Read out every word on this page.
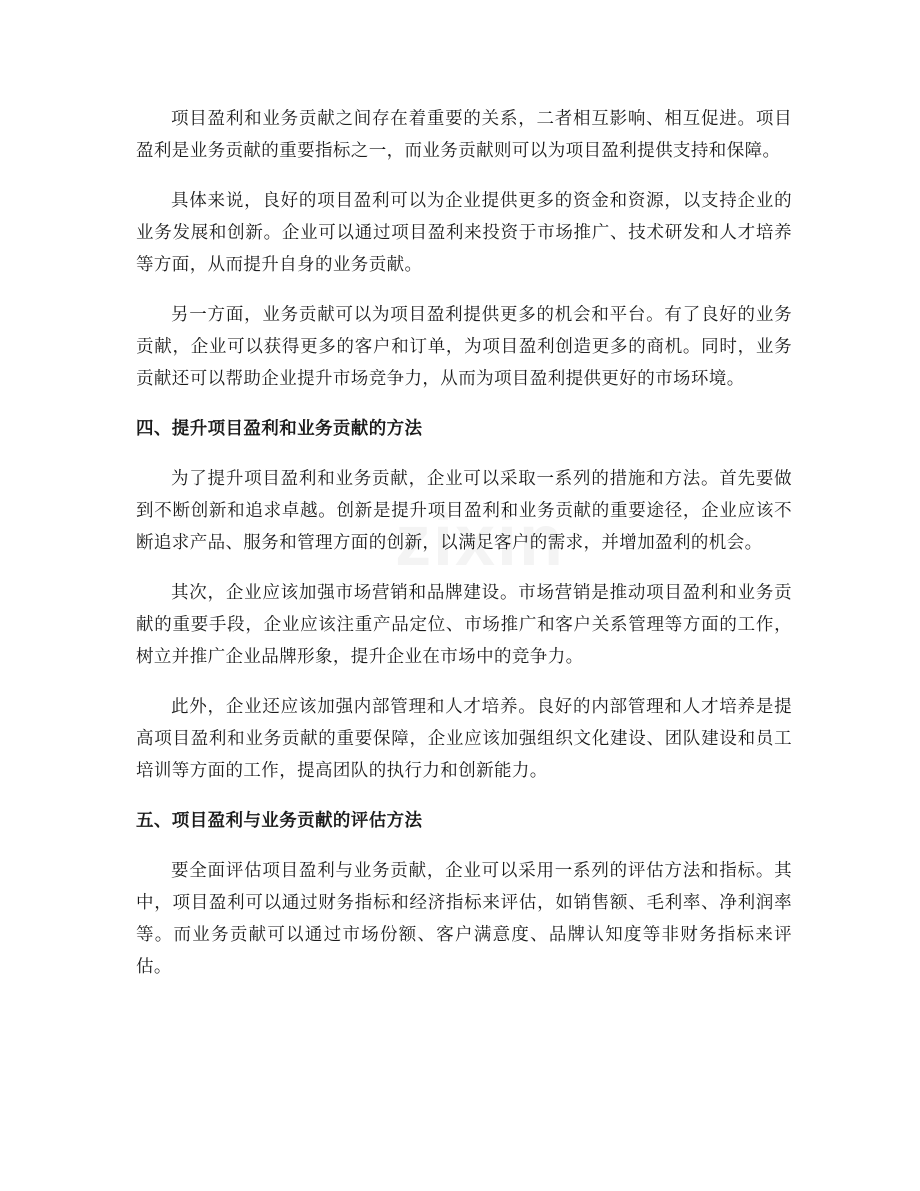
zixin

项目盈利和业务贡献之间存在着重要的关系，二者相互影响、相互促进。项目盈利是业务贡献的重要指标之一，而业务贡献则可以为项目盈利提供支持和保障。

具体来说，良好的项目盈利可以为企业提供更多的资金和资源，以支持企业的业务发展和创新。企业可以通过项目盈利来投资于市场推广、技术研发和人才培养等方面，从而提升自身的业务贡献。

另一方面，业务贡献可以为项目盈利提供更多的机会和平台。有了良好的业务贡献，企业可以获得更多的客户和订单，为项目盈利创造更多的商机。同时，业务贡献还可以帮助企业提升市场竞争力，从而为项目盈利提供更好的市场环境。

四、提升项目盈利和业务贡献的方法

为了提升项目盈利和业务贡献，企业可以采取一系列的措施和方法。首先要做到不断创新和追求卓越。创新是提升项目盈利和业务贡献的重要途径，企业应该不断追求产品、服务和管理方面的创新，以满足客户的需求，并增加盈利的机会。

其次，企业应该加强市场营销和品牌建设。市场营销是推动项目盈利和业务贡献的重要手段，企业应该注重产品定位、市场推广和客户关系管理等方面的工作，树立并推广企业品牌形象，提升企业在市场中的竞争力。

此外，企业还应该加强内部管理和人才培养。良好的内部管理和人才培养是提高项目盈利和业务贡献的重要保障，企业应该加强组织文化建设、团队建设和员工培训等方面的工作，提高团队的执行力和创新能力。

五、项目盈利与业务贡献的评估方法

要全面评估项目盈利与业务贡献，企业可以采用一系列的评估方法和指标。其中，项目盈利可以通过财务指标和经济指标来评估，如销售额、毛利率、净利润率等。而业务贡献可以通过市场份额、客户满意度、品牌认知度等非财务指标来评估。
